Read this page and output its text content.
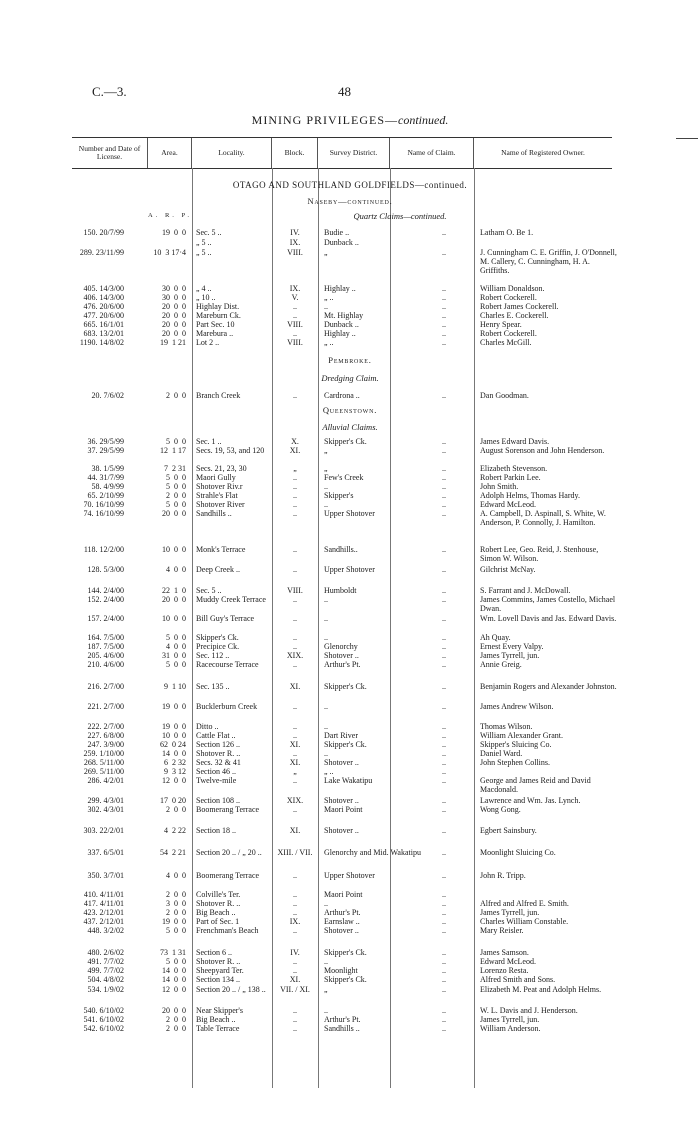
C.—3.	48
MINING PRIVILEGES—continued.
Number and Date of License.	Area.	Locality.	Block.	Survey District.	Name of Claim.	Name of Registered Owner.
OTAGO AND SOUTHLAND GOLDFIELDS—continued.
Naseby—continued.
A. R. P.	Quartz Claims—continued.
Pembroke.
Dredging Claim.
Queenstown.
Alluvial Claims.
150. 20/7/99	19  0  0 Sec. 5 ..	IV.	Budie ..	..	Latham O. Be 1.
„ 5 ..	IX.	Dunback ..
289. 23/11/99	10  3 17·4 „ 5 ..	VIII.	„	..	J. Cunningham C. E. Griffin, J. O'Donnell, M. Callery, C. Cunningham, H. A. Griffiths.
405. 14/3/00	30  0  0 „ 4 ..	IX.	Highlay ..	..	William Donaldson.
406. 14/3/00	30  0  0 „ 10 ..	V.	„ ..	..	Robert Cockerell.
476. 20/6/00	20  0  0 Highlay Dist.	..	..	..	Robert James Cockerell.
477. 20/6/00	20  0  0 Mareburn Ck.	..	Mt. Highlay	..	Charles E. Cockerell.
665. 16/1/01	20  0  0 Part Sec. 10	VIII.	Dunback ..	..	Henry Spear.
683. 13/2/01	20  0  0 Marebura ..	..	Highlay ..	..	Robert Cockerell.
1190. 14/8/02	19  1 21 Lot 2 ..	VIII.	„ ..	..	Charles McGill.
20. 7/6/02	2  0  0 Branch Creek	..	Cardrona ..	..	Dan Goodman.
36. 29/5/99	5  0  0 Sec. 1 ..	X.	Skipper's Ck.	..	James Edward Davis.
37. 29/5/99	12  1 17 Secs. 19, 53, and 120	XI.	„	..	August Sorenson and John Henderson.
38. 1/5/99	7  2 31 Secs. 21, 23, 30	„	„	..	Elizabeth Stevenson.
44. 31/7/99	5  0  0 Maori Gully	..	Few's Creek	..	Robert Parkin Lee.
58. 4/9/99	5  0  0 Shotover Riv.r	..	..	..	John Smith.
65. 2/10/99	2  0  0 Strahle's Flat	..	Skipper's	..	Adolph Helms, Thomas Hardy.
70. 16/10/99	5  0  0 Shotover River	..	..	..	Edward McLeod.
74. 16/10/99	20  0  0 Sandhills ..	..	Upper Shotover	..	A. Campbell, D. Aspinall, S. White, W. Anderson, P. Connolly, J. Hamilton.
118. 12/2/00	10  0  0 Monk's Terrace	..	Sandhills..	..	Robert Lee, Geo. Reid, J. Stenhouse, Simon W. Wilson.
128. 5/3/00	4  0  0 Deep Creek ..	..	Upper Shotover	..	Gilchrist McNay.
144. 2/4/00	22  1  0 Sec. 5 ..	VIII.	Humboldt	..	S. Farrant and J. McDowall.
152. 2/4/00	20  0  0 Muddy Creek Terrace	..	..	..	James Commins, James Costello, Michael Dwan.
157. 2/4/00	10  0  0 Bill Guy's Terrace	..	..	..	Wm. Lovell Davis and Jas. Edward Davis.
164. 7/5/00	5  0  0 Skipper's Ck.	..	..	..	Ah Quay.
187. 7/5/00	4  0  0 Precipice Ck.	..	Glenorchy	..	Ernest Every Valpy.
205. 4/6/00	31  0  0 Sec. 112 ..	XIX.	Shotover ..	..	James Tyrrell, jun.
210. 4/6/00	5  0  0 Racecourse Terrace	..	Arthur's Pt.	..	Annie Greig.
216. 2/7/00	9  1 10 Sec. 135 ..	XI.	Skipper's Ck.	..	Benjamin Rogers and Alexander Johnston.
221. 2/7/00	19  0  0 Bucklerburn Creek	..	..	..	James Andrew Wilson.
222. 2/7/00	19  0  0 Ditto ..	..	..	..	Thomas Wilson.
227. 6/8/00	10  0  0 Cattle Flat ..	..	Dart River	..	William Alexander Grant.
247. 3/9/00	62  0 24 Section 126 ..	XI.	Skipper's Ck.	..	Skipper's Sluicing Co.
259. 1/10/00	14  0  0 Shotover R. ..	..	..	..	Daniel Ward.
268. 5/11/00	6  2 32 Secs. 32 & 41	XI.	Shotover ..	..	John Stephen Collins.
269. 5/11/00	9  3 12 Section 46 ..	„	„ ..	..
286. 4/2/01	12  0  0 Twelve-mile	..	Lake Wakatipu	..	George and James Reid and David Macdonald.
299. 4/3/01	17  0 20 Section 108 ..	XIX.	Shotover ..	..	Lawrence and Wm. Jas. Lynch.
302. 4/3/01	2  0  0 Boomerang Terrace	..	Maori Point	..	Wong Gong.
303. 22/2/01	4  2 22 Section 18 ..	XI.	Shotover ..	..	Egbert Sainsbury.
337. 6/5/01	54  2 21 Section 20 .. / „ 20 ..	XIII. / VII. Glenorchy and Mid. Wakatipu	..	Moonlight Sluicing Co.
350. 3/7/01	4  0  0 Boomerang Terrace	..	Upper Shotover	..	John R. Tripp.
410. 4/11/01	2  0  0 Colville's Ter.	..	Maori Point	..
417. 4/11/01	3  0  0 Shotover R. ..	..	..	..	Alfred and Alfred E. Smith.
423. 2/12/01	2  0  0 Big Beach ..	..	Arthur's Pt.	..	James Tyrrell, jun.
437. 2/12/01	19  0  0 Part of Sec. 1	IX.	Earnslaw ..	..	Charles William Constable.
448. 3/2/02	5  0  0 Frenchman's Beach	..	Shotover ..	..	Mary Reisler.
480. 2/6/02	73  1 31 Section 6 ..	IV.	Skipper's Ck.	..	James Samson.
491. 7/7/02	5  0  0 Shotover R. ..	..	..	..	Edward McLeod.
499. 7/7/02	14  0  0 Sheepyard Ter.	..	Moonlight	..	Lorenzo Resta.
504. 4/8/02	14  0  0 Section 134 ..	XI.	Skipper's Ck.	..	Alfred Smith and Sons.
534. 1/9/02	12  0  0 Section 20 .. / „ 138 ..	VII. / XI.	„	..	Elizabeth M. Peat and Adolph Helms.
540. 6/10/02	20  0  0 Near Skipper's	..	..	..	W. L. Davis and J. Henderson.
541. 6/10/02	2  0  0 Big Beach ..	..	Arthur's Pt.	..	James Tyrrell, jun.
542. 6/10/02	2  0  0 Table Terrace	..	Sandhills ..	..	William Anderson.
